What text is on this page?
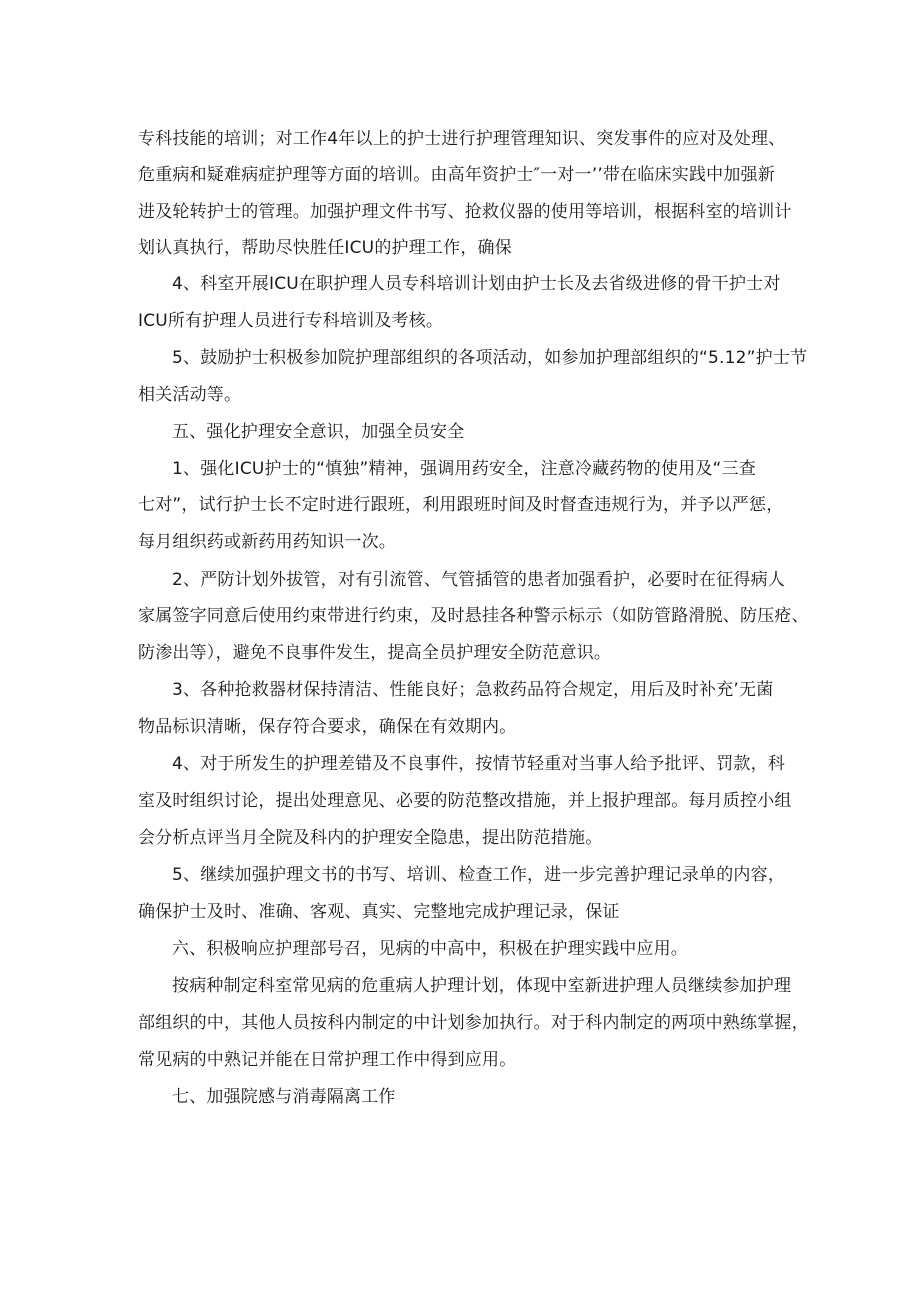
专科技能的培训；对工作4年以上的护士进行护理管理知识、突发事件的应对及处理、
危重病和疑难病症护理等方面的培训。由高年资护士″一对一’’带在临床实践中加强新
进及轮转护士的管理。加强护理文件书写、抢救仪器的使用等培训，根据科室的培训计
划认真执行，帮助尽快胜任ICU的护理工作，确保
4、科室开展ICU在职护理人员专科培训计划由护士长及去省级进修的骨干护士对
ICU所有护理人员进行专科培训及考核。
5、鼓励护士积极参加院护理部组织的各项活动，如参加护理部组织的“5.12”护士节
相关活动等。
五、强化护理安全意识，加强全员安全
1、强化ICU护士的“慎独”精神，强调用药安全，注意冷藏药物的使用及“三查
七对”，试行护士长不定时进行跟班，利用跟班时间及时督查违规行为，并予以严惩，
每月组织药或新药用药知识一次。
2、严防计划外拔管，对有引流管、气管插管的患者加强看护，必要时在征得病人
家属签字同意后使用约束带进行约束，及时悬挂各种警示标示（如防管路滑脱、防压疮、
防渗出等），避免不良事件发生，提高全员护理安全防范意识。
3、各种抢救器材保持清洁、性能良好；急救药品符合规定，用后及时补充’无菌
物品标识清晰，保存符合要求，确保在有效期内。
4、对于所发生的护理差错及不良事件，按情节轻重对当事人给予批评、罚款，科
室及时组织讨论，提出处理意见、必要的防范整改措施，并上报护理部。每月质控小组
会分析点评当月全院及科内的护理安全隐患，提出防范措施。
5、继续加强护理文书的书写、培训、检查工作，进一步完善护理记录单的内容，
确保护士及时、准确、客观、真实、完整地完成护理记录，保证
六、积极响应护理部号召，见病的中高中，积极在护理实践中应用。
按病种制定科室常见病的危重病人护理计划，体现中室新进护理人员继续参加护理
部组织的中，其他人员按科内制定的中计划参加执行。对于科内制定的两项中熟练掌握，
常见病的中熟记并能在日常护理工作中得到应用。
七、加强院感与消毒隔离工作
